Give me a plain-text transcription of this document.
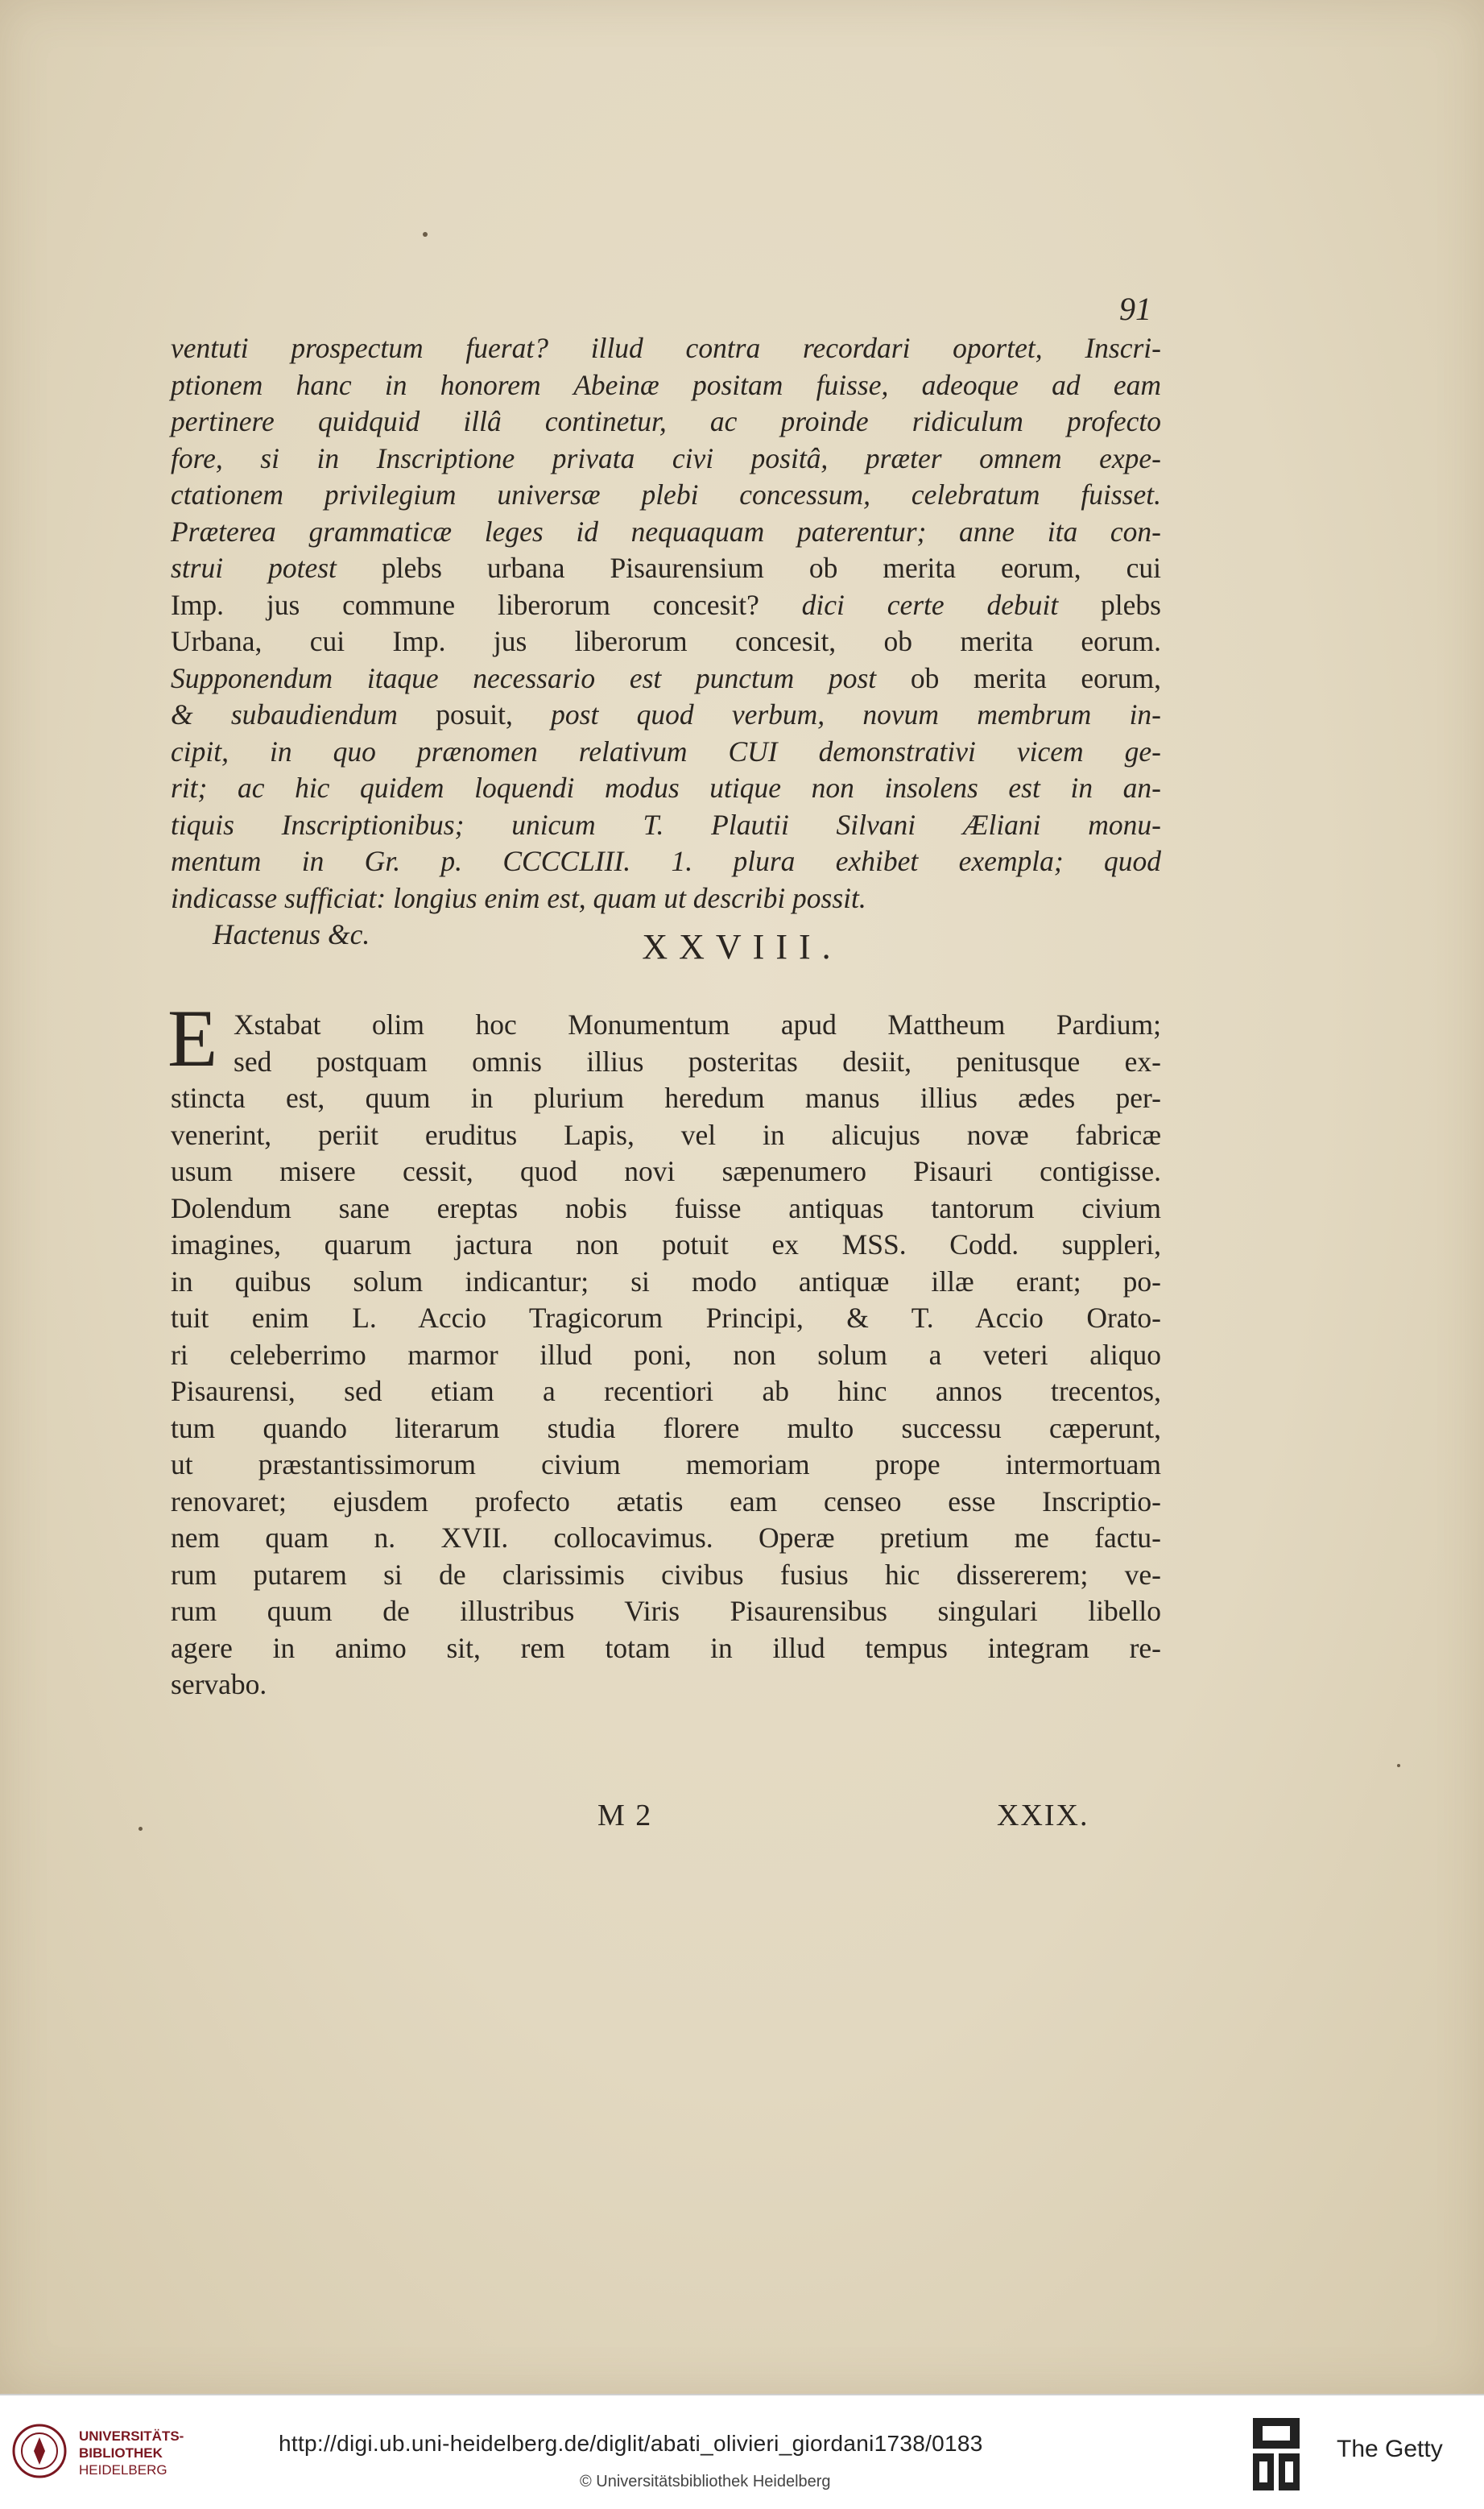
91
ventuti prospectum fuerat? illud contra recordari oportet, Inscri-
ptionem hanc in honorem Abeinæ positam fuisse, adeoque ad eam
pertinere quidquid illâ continetur, ac proinde ridiculum profecto
fore, si in Inscriptione privata civi positâ, præter omnem expe-
ctationem privilegium universæ plebi concessum, celebratum fuisset.
Præterea grammaticæ leges id nequaquam paterentur; anne ita con-
strui potest plebs urbana Pisaurensium ob merita eorum, cui
Imp. jus commune liberorum concesit? dici certe debuit plebs
Urbana, cui Imp. jus liberorum concesit, ob merita eorum.
Supponendum itaque necessario est punctum post ob merita eorum,
& subaudiendum posuit, post quod verbum, novum membrum in-
cipit, in quo prænomen relativum CUI demonstrativi vicem ge-
rit; ac hic quidem loquendi modus utique non insolens est in an-
tiquis Inscriptionibus; unicum T. Plautii Silvani Æliani monu-
mentum in Gr. p. CCCCLIII. 1. plura exhibet exempla; quod
indicasse sufficiat: longius enim est, quam ut describi possit.
Hactenus &c.	XXVIII.
E Xstabat olim hoc Monumentum apud Mattheum Pardium;
sed postquam omnis illius posteritas desiit, penitusque ex-
stincta est, quum in plurium heredum manus illius ædes per-
venerint, periit eruditus Lapis, vel in alicujus novæ fabricæ
usum misere cessit, quod novi sæpenumero Pisauri contigisse.
Dolendum sane ereptas nobis fuisse antiquas tantorum civium
imagines, quarum jactura non potuit ex MSS. Codd. suppleri,
in quibus solum indicantur; si modo antiquæ illæ erant; po-
tuit enim L. Accio Tragicorum Principi, & T. Accio Orato-
ri celeberrimo marmor illud poni, non solum a veteri aliquo
Pisaurensi, sed etiam a recentiori ab hinc annos trecentos,
tum quando literarum studia florere multo successu cæperunt,
ut præstantissimorum civium memoriam prope intermortuam
renovaret; ejusdem profecto ætatis eam censeo esse Inscriptio-
nem quam n. XVII. collocavimus. Operæ pretium me factu-
rum putarem si de clarissimis civibus fusius hic dissererem; ve-
rum quum de illustribus Viris Pisaurensibus singulari libello
agere in animo sit, rem totam in illud tempus integram re-
servabo.
M 2	XXIX.
UNIVERSITÄTS-
BIBLIOTHEK
HEIDELBERG
http://digi.ub.uni-heidelberg.de/diglit/abati_olivieri_giordani1738/0183
© Universitätsbibliothek Heidelberg
The Getty
